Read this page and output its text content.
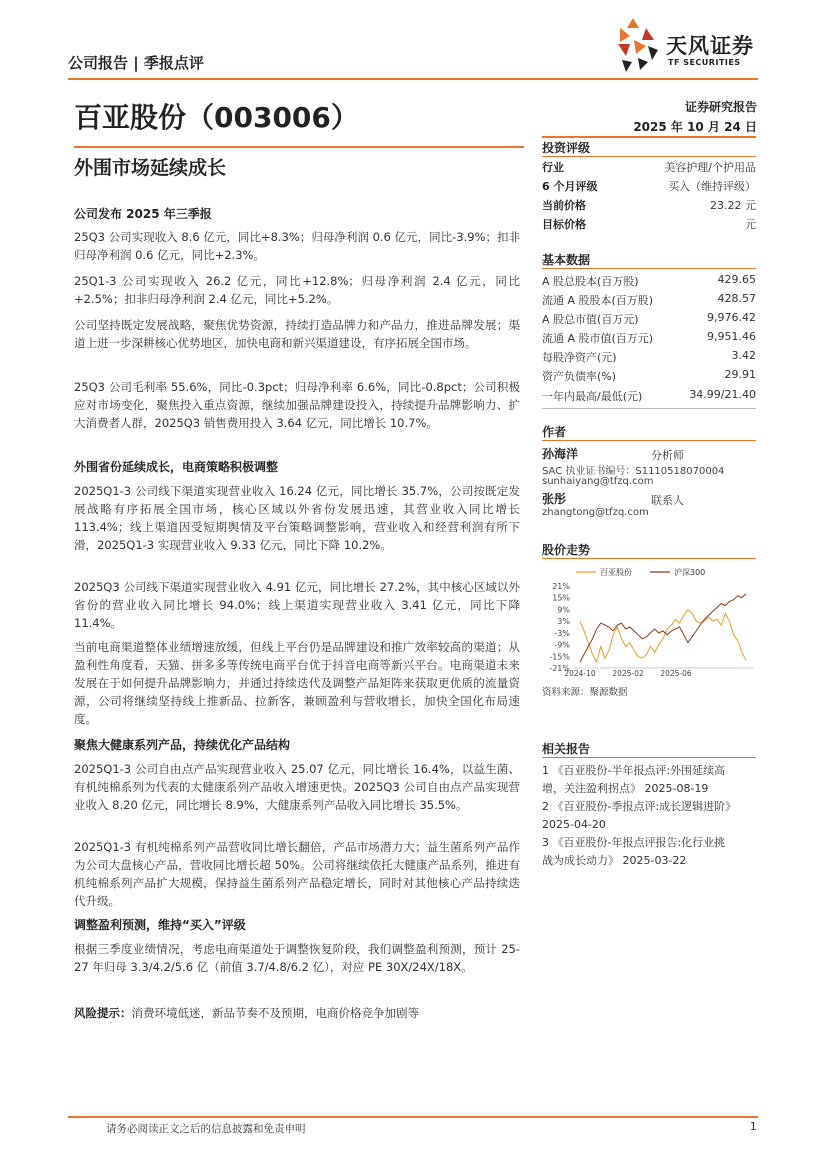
公司报告 | 季报点评
天风证券
TF SECURITIES
百亚股份（003006）	证券研究报告
2025 年 10 月 24 日
外围市场延续成长
公司发布 2025 年三季报
25Q3 公司实现收入 8.6 亿元，同比+8.3%；归母净利润 0.6 亿元，同比-3.9%；扣非归母净利润 0.6 亿元，同比+2.3%。
25Q1-3 公司实现收入 26.2 亿元，同比+12.8%；归母净利润 2.4 亿元，同比+2.5%；扣非归母净利润 2.4 亿元，同比+5.2%。
公司坚持既定发展战略，聚焦优势资源，持续打造品牌力和产品力，推进品牌发展；渠道上进一步深耕核心优势地区，加快电商和新兴渠道建设，有序拓展全国市场。
25Q3 公司毛利率 55.6%，同比-0.3pct；归母净利率 6.6%，同比-0.8pct；公司积极应对市场变化，聚焦投入重点资源，继续加强品牌建设投入，持续提升品牌影响力、扩大消费者人群，2025Q3 销售费用投入 3.64 亿元，同比增长 10.7%。
外围省份延续成长，电商策略积极调整
2025Q1-3 公司线下渠道实现营业收入 16.24 亿元，同比增长 35.7%，公司按既定发展战略有序拓展全国市场，核心区域以外省份发展迅速，其营业收入同比增长 113.4%；线上渠道因受短期舆情及平台策略调整影响，营业收入和经营利润有所下滑，2025Q1-3 实现营业收入 9.33 亿元，同比下降 10.2%。
2025Q3 公司线下渠道实现营业收入 4.91 亿元，同比增长 27.2%，其中核心区域以外省份的营业收入同比增长 94.0%；线上渠道实现营业收入 3.41 亿元，同比下降 11.4%。
当前电商渠道整体业绩增速放缓，但线上平台仍是品牌建设和推广效率较高的渠道；从盈利性角度看，天猫、拼多多等传统电商平台优于抖音电商等新兴平台。电商渠道未来发展在于如何提升品牌影响力，并通过持续迭代及调整产品矩阵来获取更优质的流量资源，公司将继续坚持线上推新品、拉新客，兼顾盈利与营收增长，加快全国化布局速度。
聚焦大健康系列产品，持续优化产品结构
2025Q1-3 公司自由点产品实现营业收入 25.07 亿元，同比增长 16.4%，以益生菌、有机纯棉系列为代表的大健康系列产品收入增速更快。2025Q3 公司自由点产品实现营业收入 8.20 亿元，同比增长 8.9%，大健康系列产品收入同比增长 35.5%。
2025Q1-3 有机纯棉系列产品营收同比增长翻倍，产品市场潜力大；益生菌系列产品作为公司大盘核心产品，营收同比增长超 50%。公司将继续依托大健康产品系列，推进有机纯棉系列产品扩大规模，保持益生菌系列产品稳定增长，同时对其他核心产品持续迭代升级。
调整盈利预测，维持“买入”评级
根据三季度业绩情况，考虑电商渠道处于调整恢复阶段，我们调整盈利预测，预计 25-27 年归母 3.3/4.2/5.6 亿（前值 3.7/4.8/6.2 亿），对应 PE 30X/24X/18X。
风险提示：消费环境低迷，新品节奏不及预期，电商价格竞争加剧等
投资评级
行业	美容护理/个护用品
6 个月评级	买入（维持评级）
当前价格	23.22 元
目标价格	元
基本数据
A 股总股本(百万股)	429.65
流通 A 股股本(百万股)	428.57
A 股总市值(百万元)	9,976.42
流通 A 股市值(百万元)	9,951.46
每股净资产(元)	3.42
资产负债率(%)	29.91
一年内最高/最低(元)	34.99/21.40
作者
孙海洋	分析师
SAC 执业证书编号：S1110518070004
sunhaiyang@tfzq.com
张彤	联系人
zhangtong@tfzq.com
股价走势
21%
15%
9%
3%
-3%
-9%
-15%
-21%
2024-10 2025-02 2025-06
百亚股份	沪深300
资料来源：聚源数据
相关报告
1 《百亚股份-半年报点评:外围延续高
增，关注盈利拐点》 2025-08-19
2 《百亚股份-季报点评:成长逻辑进阶》
2025-04-20
3 《百亚股份-年报点评报告:化行业挑
战为成长动力》 2025-03-22
请务必阅读正文之后的信息披露和免责申明	1
